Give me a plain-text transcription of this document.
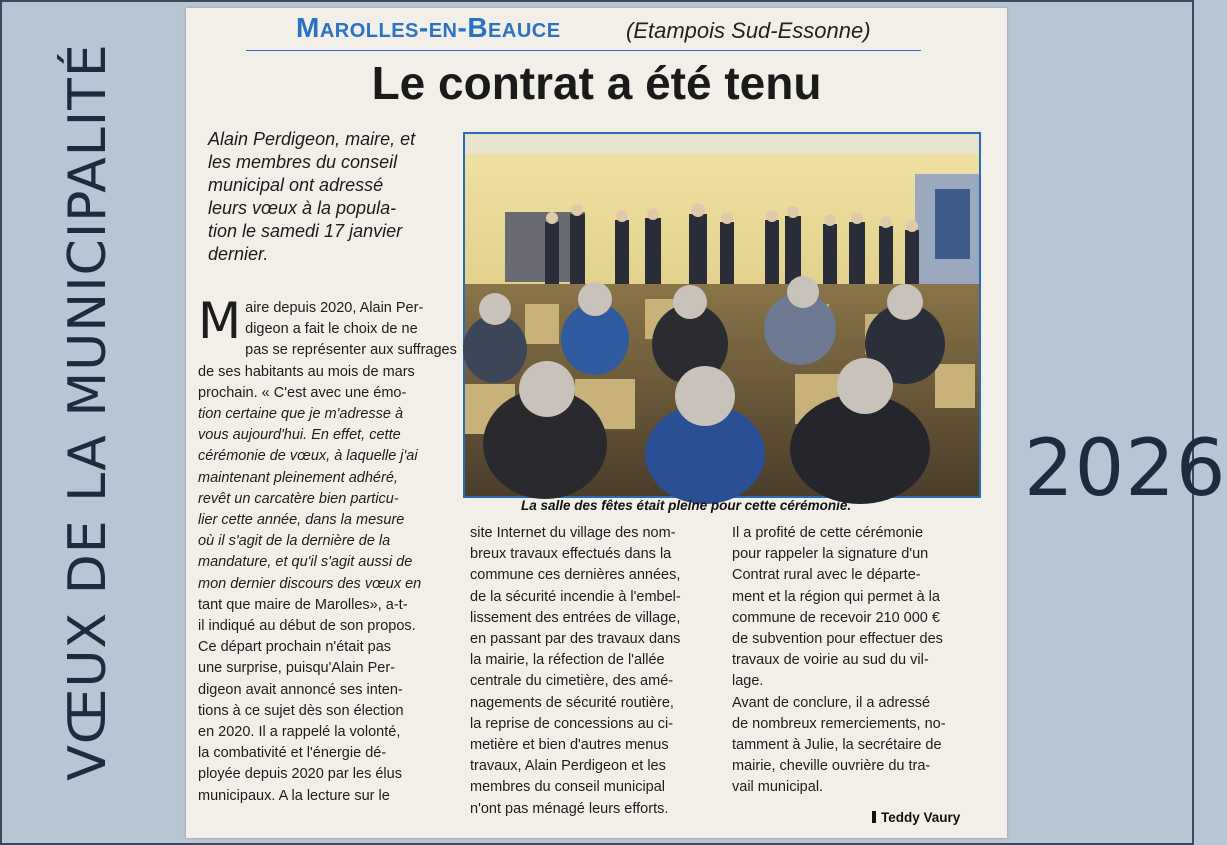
VŒUX DE LA MUNICIPALITÉ	2026
Marolles-en-Beauce	(Etampois Sud-Essonne)
Le contrat a été tenu
Alain Perdigeon, maire, et
les membres du conseil
municipal ont adressé
leurs vœux à la popula-
tion le samedi 17 janvier
dernier.
La salle des fêtes était pleine pour cette cérémonie.
M aire depuis 2020, Alain Per-
digeon a fait le choix de ne
pas se représenter aux suffrages
de ses habitants au mois de mars
prochain. « C'est avec une émo-
tion certaine que je m'adresse à
vous aujourd'hui. En effet, cette
cérémonie de vœux, à laquelle j'ai
maintenant pleinement adhéré,
revêt un carcatère bien particu-
lier cette année, dans la mesure
où il s'agit de la dernière de la
mandature, et qu'il s'agit aussi de
mon dernier discours des vœux en
tant que maire de Marolles», a-t-
il indiqué au début de son propos.
Ce départ prochain n'était pas
une surprise, puisqu'Alain Per-
digeon avait annoncé ses inten-
tions à ce sujet dès son élection
en 2020. Il a rappelé la volonté,
la combativité et l'énergie dé-
ployée depuis 2020 par les élus
municipaux. A la lecture sur le
site Internet du village des nom-
breux travaux effectués dans la
commune ces dernières années,
de la sécurité incendie à l'embel-
lissement des entrées de village,
en passant par des travaux dans
la mairie, la réfection de l'allée
centrale du cimetière, des amé-
nagements de sécurité routière,
la reprise de concessions au ci-
metière et bien d'autres menus
travaux, Alain Perdigeon et les
membres du conseil municipal
n'ont pas ménagé leurs efforts.
Il a profité de cette cérémonie
pour rappeler la signature d'un
Contrat rural avec le départe-
ment et la région qui permet à la
commune de recevoir 210 000 €
de subvention pour effectuer des
travaux de voirie au sud du vil-
lage.
Avant de conclure, il a adressé
de nombreux remerciements, no-
tamment à Julie, la secrétaire de
mairie, cheville ouvrière du tra-
vail municipal.
Teddy Vaury
